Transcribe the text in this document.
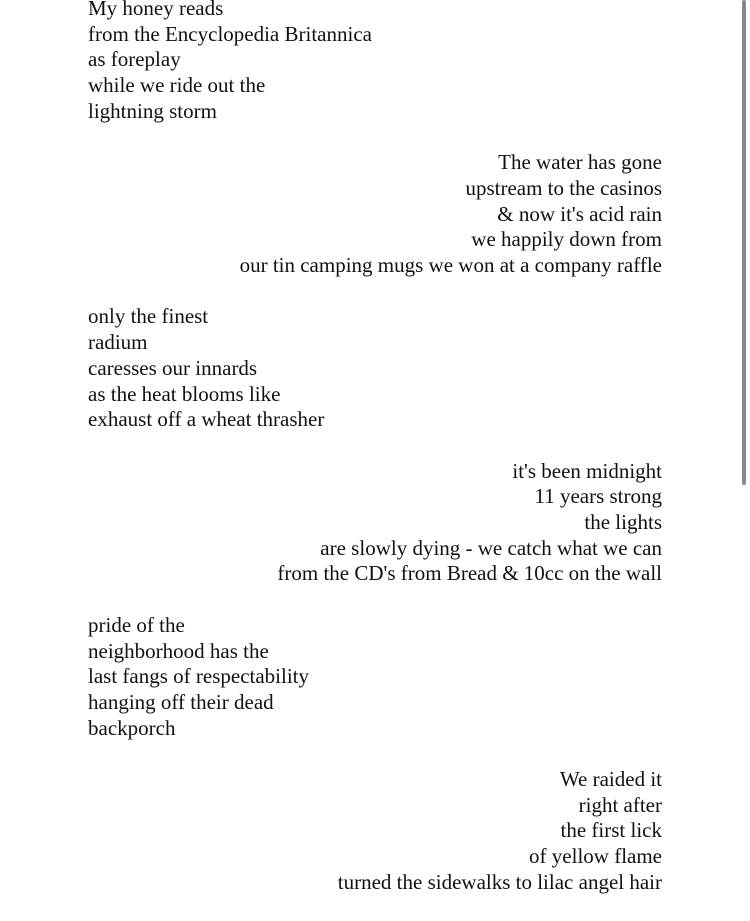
My honey reads
from the Encyclopedia Britannica
as foreplay
while we ride out the
lightning storm
The water has gone
upstream to the casinos
& now it's acid rain
we happily down from
our tin camping mugs we won at a company raffle
only the finest
radium
caresses our innards
as the heat blooms like
exhaust off a wheat thrasher
it's been midnight
11 years strong
the lights
are slowly dying - we catch what we can
from the CD's from Bread & 10cc on the wall
pride of the
neighborhood has the
last fangs of respectability
hanging off their dead
backporch
We raided it
right after
the first lick
of yellow flame
turned the sidewalks to lilac angel hair
